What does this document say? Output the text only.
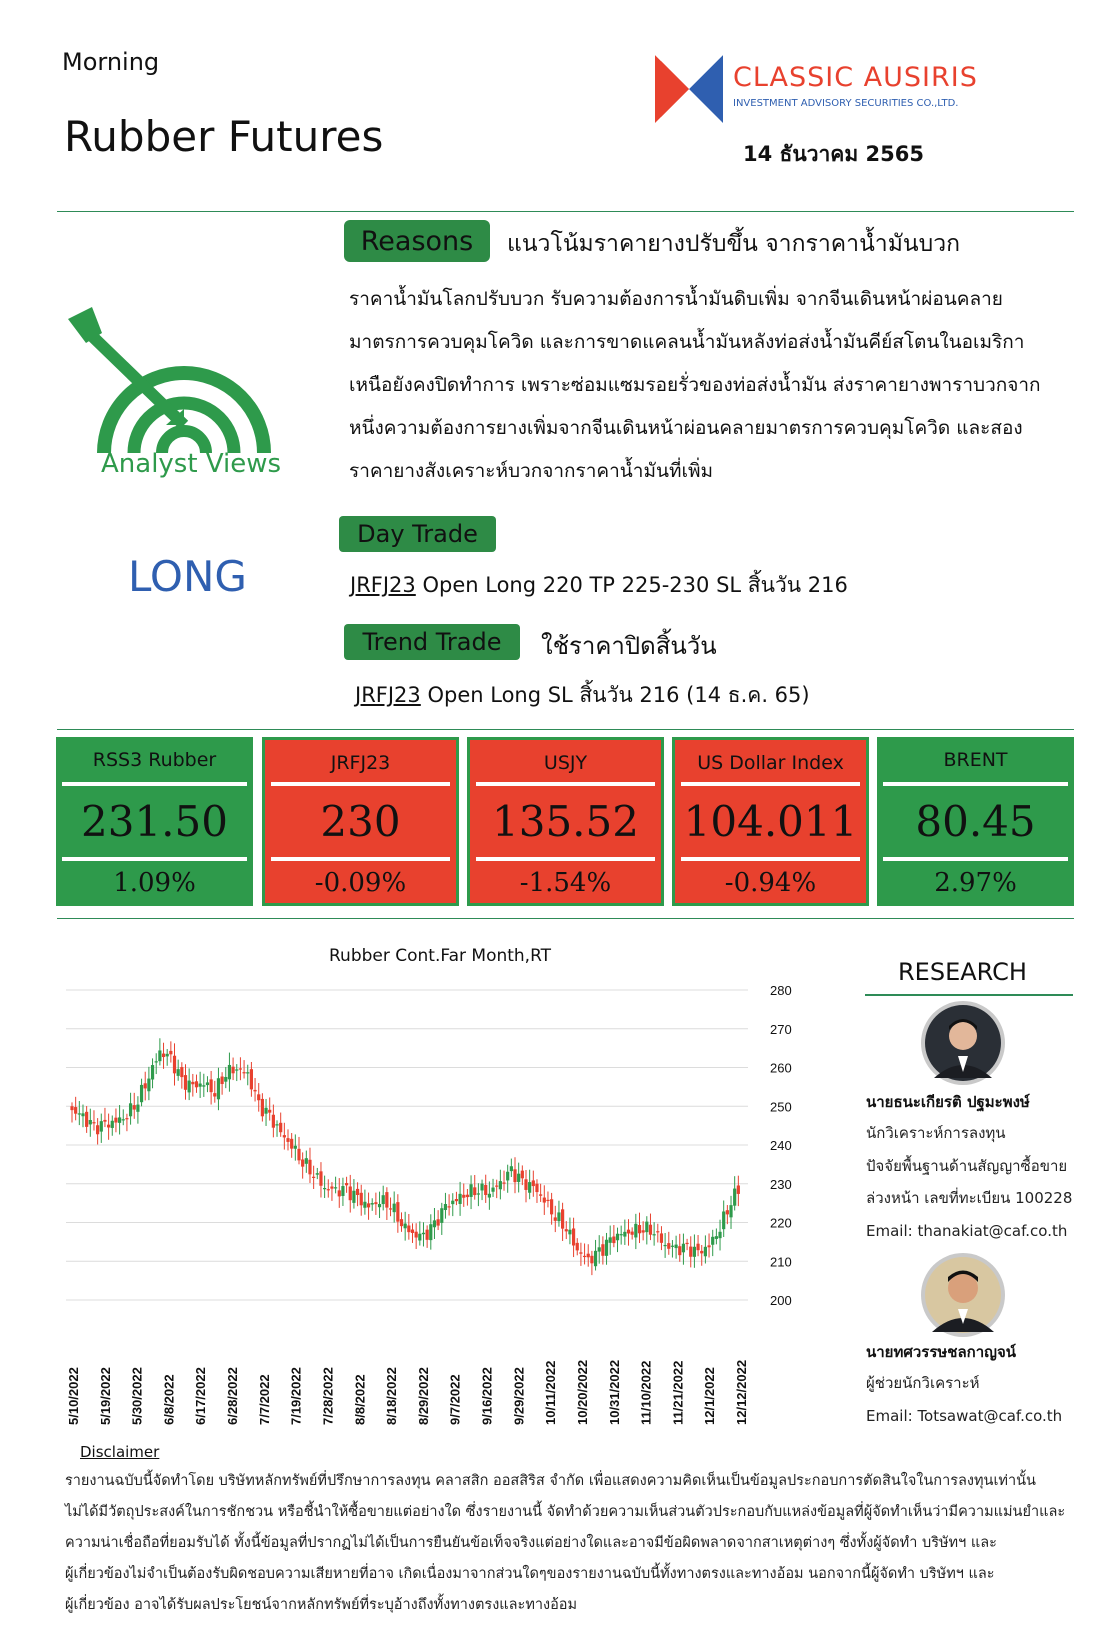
Morning
Rubber Futures
CLASSIC AUSIRIS
INVESTMENT ADVISORY SECURITIES CO.,LTD.
14 ธันวาคม 2565
Analyst Views
LONG
Reasons	แนวโน้มราคายางปรับขึ้น จากราคาน้ำมันบวก
ราคาน้ำมันโลกปรับบวก รับความต้องการน้ำมันดิบเพิ่ม จากจีนเดินหน้าผ่อนคลาย
มาตรการควบคุมโควิด และการขาดแคลนน้ำมันหลังท่อส่งน้ำมันคีย์สโตนในอเมริกา
เหนือยังคงปิดทำการ เพราะซ่อมแซมรอยรั่วของท่อส่งน้ำมัน ส่งราคายางพาราบวกจาก
หนึ่งความต้องการยางเพิ่มจากจีนเดินหน้าผ่อนคลายมาตรการควบคุมโควิด และสอง
ราคายางสังเคราะห์บวกจากราคาน้ำมันที่เพิ่ม
Day Trade
JRFJ23 Open Long 220 TP 225-230 SL สิ้นวัน 216
Trend Trade	ใช้ราคาปิดสิ้นวัน
JRFJ23 Open Long SL สิ้นวัน 216 (14 ธ.ค. 65)
RSS3 Rubber
231.50
1.09%
JRFJ23
230
-0.09%
USJY
135.52
-1.54%
US Dollar Index
104.011
-0.94%
BRENT
80.45
2.97%
Rubber Cont.Far Month,RT
280
270
260
250
240
230
220
210
200
5/10/2022 5/19/2022 5/30/2022 6/8/2022 6/17/2022 6/28/2022 7/7/2022 7/19/2022 7/28/2022 8/8/2022 8/18/2022 8/29/2022 9/7/2022 9/16/2022 9/29/2022 10/11/2022 10/20/2022 10/31/2022 11/10/2022 11/21/2022 12/1/2022 12/12/2022
RESEARCH
นายธนะเกียรติ ปฐมะพงษ์
นักวิเคราะห์การลงทุน
ปัจจัยพื้นฐานด้านสัญญาซื้อขาย
ล่วงหน้า เลขที่ทะเบียน 100228
Email: thanakiat@caf.co.th
นายทศวรรษชลกาญจน์
ผู้ช่วยนักวิเคราะห์
Email: Totsawat@caf.co.th
Disclaimer

รายงานฉบับนี้จัดทำโดย บริษัทหลักทรัพย์ที่ปรึกษาการลงทุน คลาสสิก ออสสิริส จำกัด เพื่อแสดงความคิดเห็นเป็นข้อมูลประกอบการตัดสินใจในการลงทุนเท่านั้น

ไม่ได้มีวัตถุประสงค์ในการชักชวน หรือชี้นำให้ซื้อขายแต่อย่างใด ซึ่งรายงานนี้ จัดทำด้วยความเห็นส่วนตัวประกอบกับแหล่งข้อมูลที่ผู้จัดทำเห็นว่ามีความแม่นยำและ

ความน่าเชื่อถือที่ยอมรับได้ ทั้งนี้ข้อมูลที่ปรากฏไม่ได้เป็นการยืนยันข้อเท็จจริงแต่อย่างใดและอาจมีข้อผิดพลาดจากสาเหตุต่างๆ ซึ่งทั้งผู้จัดทำ บริษัทฯ และ

ผู้เกี่ยวข้องไม่จำเป็นต้องรับผิดชอบความเสียหายที่อาจ เกิดเนื่องมาจากส่วนใดๆของรายงานฉบับนี้ทั้งทางตรงและทางอ้อม นอกจากนี้ผู้จัดทำ บริษัทฯ และ

ผู้เกี่ยวข้อง อาจได้รับผลประโยชน์จากหลักทรัพย์ที่ระบุอ้างถึงทั้งทางตรงและทางอ้อม
